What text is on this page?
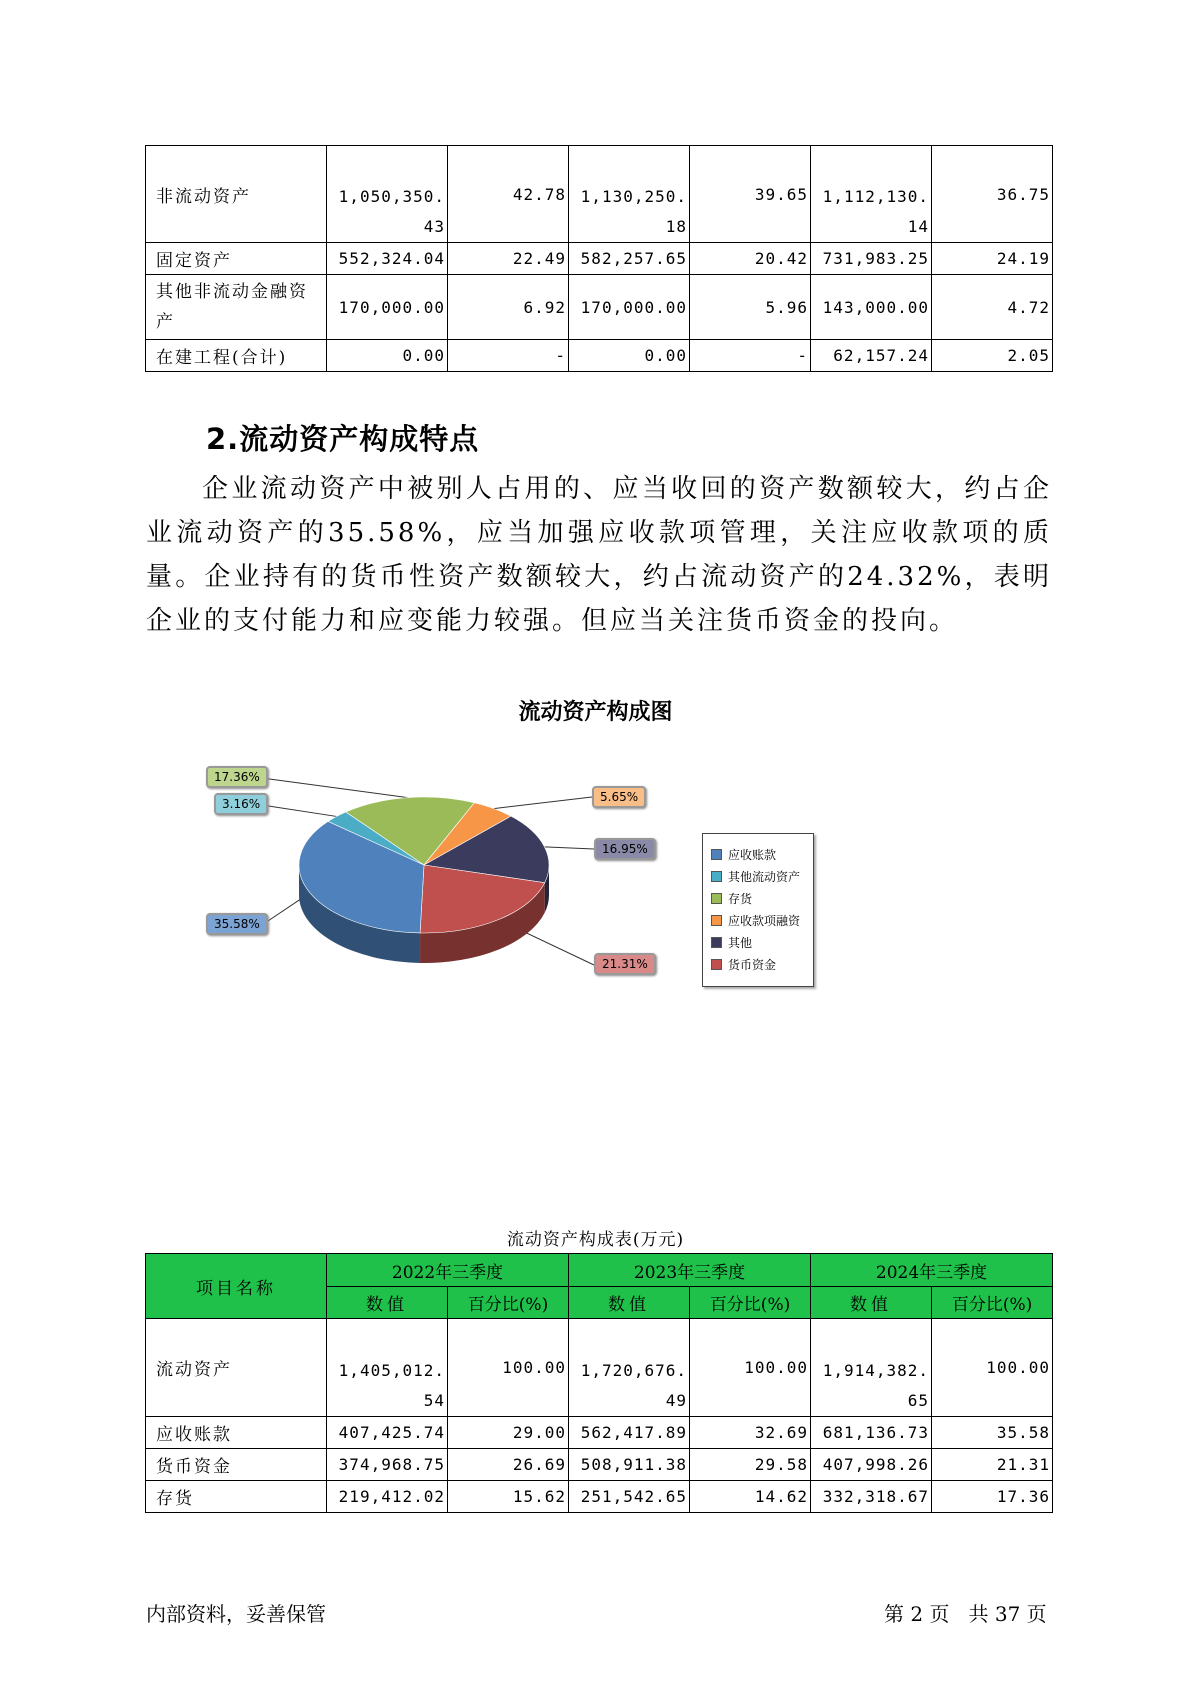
非流动资产	1,050,350.43	42.78	1,130,250.18	39.65	1,112,130.14	36.75
固定资产	552,324.04	22.49	582,257.65	20.42	731,983.25	24.19
其他非流动金融资产	170,000.00	6.92	170,000.00	5.96	143,000.00	4.72
在建工程(合计)	0.00	-	0.00	-	62,157.24	2.05
2.流动资产构成特点

企业流动资产中被别人占用的、应当收回的资产数额较大，约占企业流动资产的35.58%，应当加强应收款项管理，关注应收款项的质量。企业持有的货币性资产数额较大，约占流动资产的24.32%，表明企业的支付能力和应变能力较强。但应当关注货币资金的投向。

流动资产构成图
35.58%
3.16%
17.36%
5.65%
16.95%
21.31%
应收账款
其他流动资产
存货
应收款项融资
其他
货币资金
流动资产构成表(万元)
项目名称	2022年三季度		2023年三季度		2024年三季度	
	数值	百分比(%)	数值	百分比(%)	数值	百分比(%)
流动资产	1,405,012.54	100.00	1,720,676.49	100.00	1,914,382.65	100.00
应收账款	407,425.74	29.00	562,417.89	32.69	681,136.73	35.58
货币资金	374,968.75	26.69	508,911.38	29.58	407,998.26	21.31
存货	219,412.02	15.62	251,542.65	14.62	332,318.67	17.36
内部资料，妥善保管	第 2 页   共 37 页
